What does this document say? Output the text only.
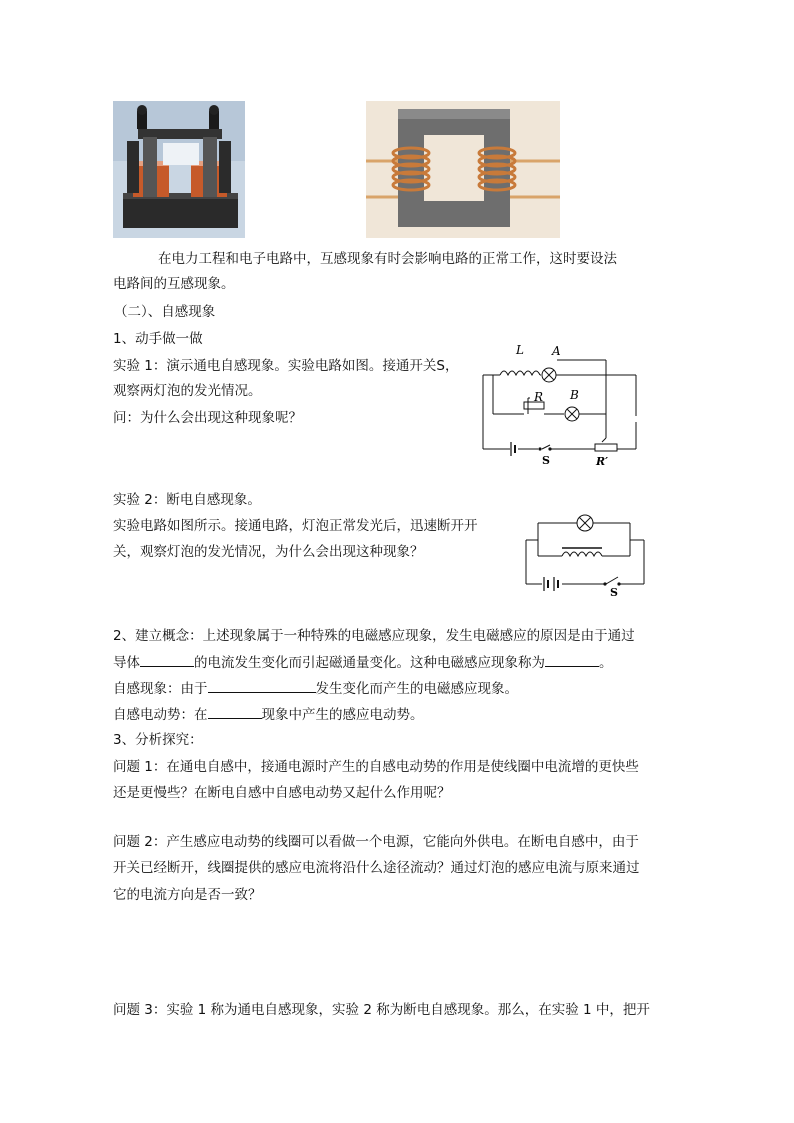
在电力工程和电子电路中，互感现象有时会影响电路的正常工作，这时要设法
电路间的互感现象。
（二）、自感现象
1、动手做一做
实验 1：演示通电自感现象。实验电路如图。接通开关S，
观察两灯泡的发光情况。
问：为什么会出现这种现象呢？
L A
R B
S	R′
实验 2：断电自感现象。
实验电路如图所示。接通电路，灯泡正常发光后，迅速断开开
关，观察灯泡的发光情况，为什么会出现这种现象？
S
2、建立概念：上述现象属于一种特殊的电磁感应现象，发生电磁感应的原因是由于通过
导体	的电流发生变化而引起磁通量变化。这种电磁感应现象称为	。
自感现象：由于	发生变化而产生的电磁感应现象。
自感电动势：在	现象中产生的感应电动势。
3、分析探究：
问题 1：在通电自感中，接通电源时产生的自感电动势的作用是使线圈中电流增的更快些
还是更慢些？在断电自感中自感电动势又起什么作用呢？
问题 2：产生感应电动势的线圈可以看做一个电源，它能向外供电。在断电自感中，由于
开关已经断开，线圈提供的感应电流将沿什么途径流动？通过灯泡的感应电流与原来通过
它的电流方向是否一致？
问题 3：实验 1 称为通电自感现象，实验 2 称为断电自感现象。那么，在实验 1 中，把开
